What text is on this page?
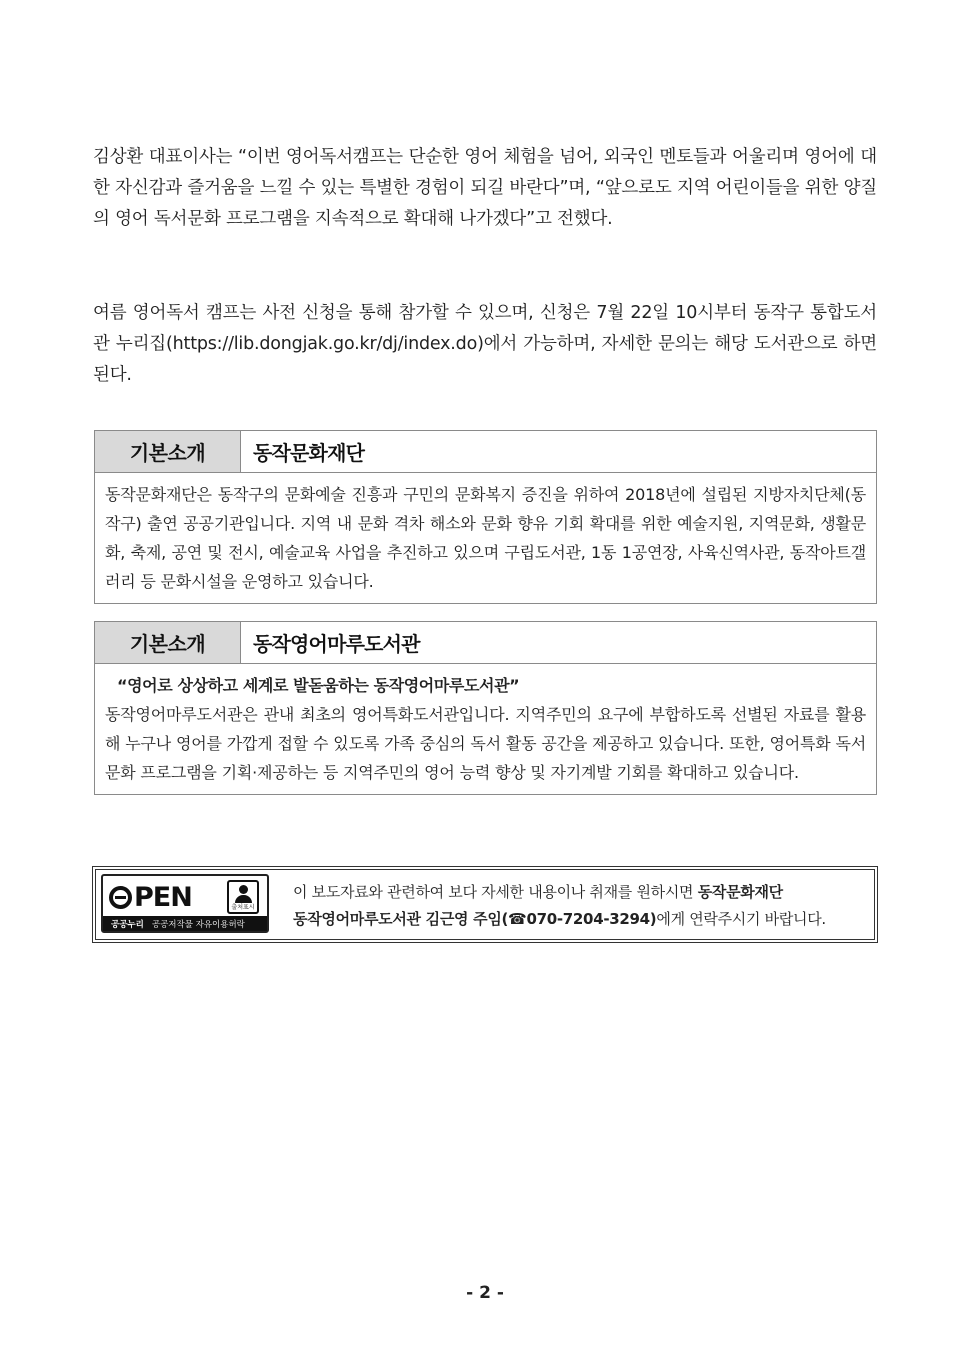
김상환 대표이사는 “이번 영어독서캠프는 단순한 영어 체험을 넘어, 외국인 멘토들과 어울리며 영어에 대한 자신감과 즐거움을 느낄 수 있는 특별한 경험이 되길 바란다”며, “앞으로도 지역 어린이들을 위한 양질의 영어 독서문화 프로그램을 지속적으로 확대해 나가겠다”고 전했다.

여름 영어독서 캠프는 사전 신청을 통해 참가할 수 있으며, 신청은 7월 22일 10시부터 동작구 통합도서관 누리집(https://lib.dongjak.go.kr/dj/index.do)에서 가능하며, 자세한 문의는 해당 도서관으로 하면 된다.

기본소개	동작문화재단
동작문화재단은 동작구의 문화예술 진흥과 구민의 문화복지 증진을 위하여 2018년에 설립된 지방자치단체(동작구) 출연 공공기관입니다. 지역 내 문화 격차 해소와 문화 향유 기회 확대를 위한 예술지원, 지역문화, 생활문화, 축제, 공연 및 전시, 예술교육 사업을 추진하고 있으며 구립도서관, 1동 1공연장, 사육신역사관, 동작아트갤러리 등 문화시설을 운영하고 있습니다.
기본소개	동작영어마루도서관
“영어로 상상하고 세계로 발돋움하는 동작영어마루도서관”
동작영어마루도서관은 관내 최초의 영어특화도서관입니다. 지역주민의 요구에 부합하도록 선별된 자료를 활용해 누구나 영어를 가깝게 접할 수 있도록 가족 중심의 독서 활동 공간을 제공하고 있습니다. 또한, 영어특화 독서문화 프로그램을 기획·제공하는 등 지역주민의 영어 능력 향상 및 자기계발 기회를 확대하고 있습니다.
PEN	출처표시
공공누리 공공저작물 자유이용허락
이 보도자료와 관련하여 보다 자세한 내용이나 취재를 원하시면 동작문화재단
동작영어마루도서관 김근영 주임(☎070-7204-3294)에게 연락주시기 바랍니다.
- 2 -
